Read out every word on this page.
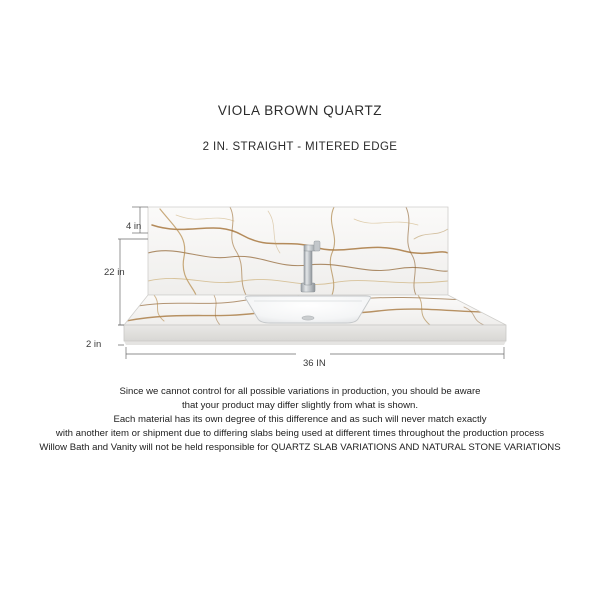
VIOLA BROWN QUARTZ
2 IN. STRAIGHT - MITERED EDGE
4 in
22 in
2 in
36 IN
Since we cannot control for all possible variations in production, you should be aware
that your product may differ slightly from what is shown.
Each material has its own degree of this difference and as such will never match exactly
with another item or shipment due to differing slabs being used at different times throughout the production process
Willow Bath and Vanity will not be held responsible for QUARTZ SLAB VARIATIONS AND NATURAL STONE VARIATIONS
